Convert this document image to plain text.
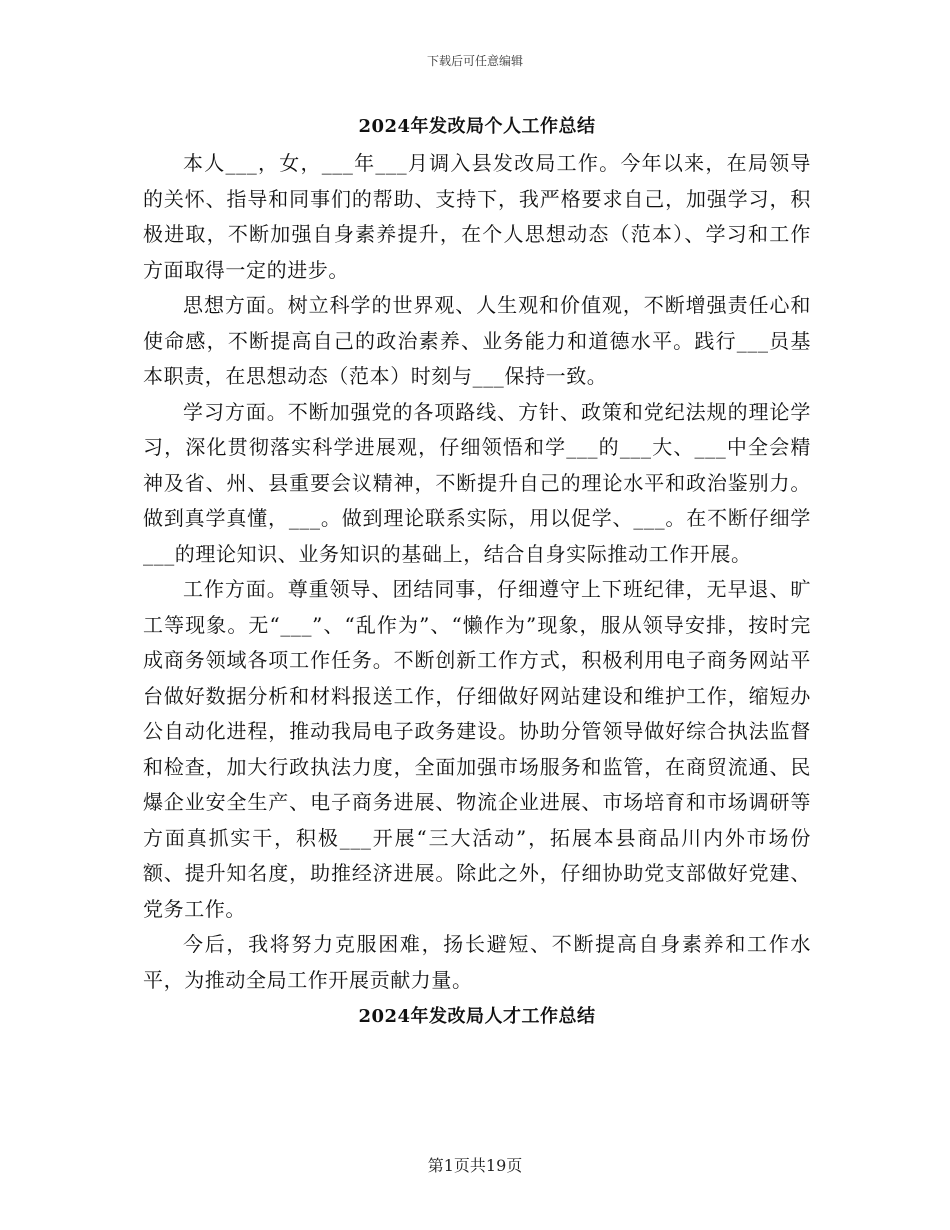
下载后可任意编辑
2024年发改局个人工作总结

本人___，女，___年___月调入县发改局工作。今年以来，在局领导的关怀、指导和同事们的帮助、支持下，我严格要求自己，加强学习，积极进取，不断加强自身素养提升，在个人思想动态（范本）、学习和工作方面取得一定的进步。

思想方面。树立科学的世界观、人生观和价值观，不断增强责任心和使命感，不断提高自己的政治素养、业务能力和道德水平。践行___员基本职责，在思想动态（范本）时刻与___保持一致。

学习方面。不断加强党的各项路线、方针、政策和党纪法规的理论学习，深化贯彻落实科学进展观，仔细领悟和学___的___大、___中全会精神及省、州、县重要会议精神，不断提升自己的理论水平和政治鉴别力。做到真学真懂，___。做到理论联系实际，用以促学、___。在不断仔细学___的理论知识、业务知识的基础上，结合自身实际推动工作开展。

工作方面。尊重领导、团结同事，仔细遵守上下班纪律，无早退、旷工等现象。无“___”、“乱作为”、“懒作为”现象，服从领导安排，按时完成商务领域各项工作任务。不断创新工作方式，积极利用电子商务网站平台做好数据分析和材料报送工作，仔细做好网站建设和维护工作，缩短办公自动化进程，推动我局电子政务建设。协助分管领导做好综合执法监督和检查，加大行政执法力度，全面加强市场服务和监管，在商贸流通、民爆企业安全生产、电子商务进展、物流企业进展、市场培育和市场调研等方面真抓实干，积极___开展“三大活动”，拓展本县商品川内外市场份额、提升知名度，助推经济进展。除此之外，仔细协助党支部做好党建、党务工作。

今后，我将努力克服困难，扬长避短、不断提高自身素养和工作水平，为推动全局工作开展贡献力量。

2024年发改局人才工作总结
第1页共19页
